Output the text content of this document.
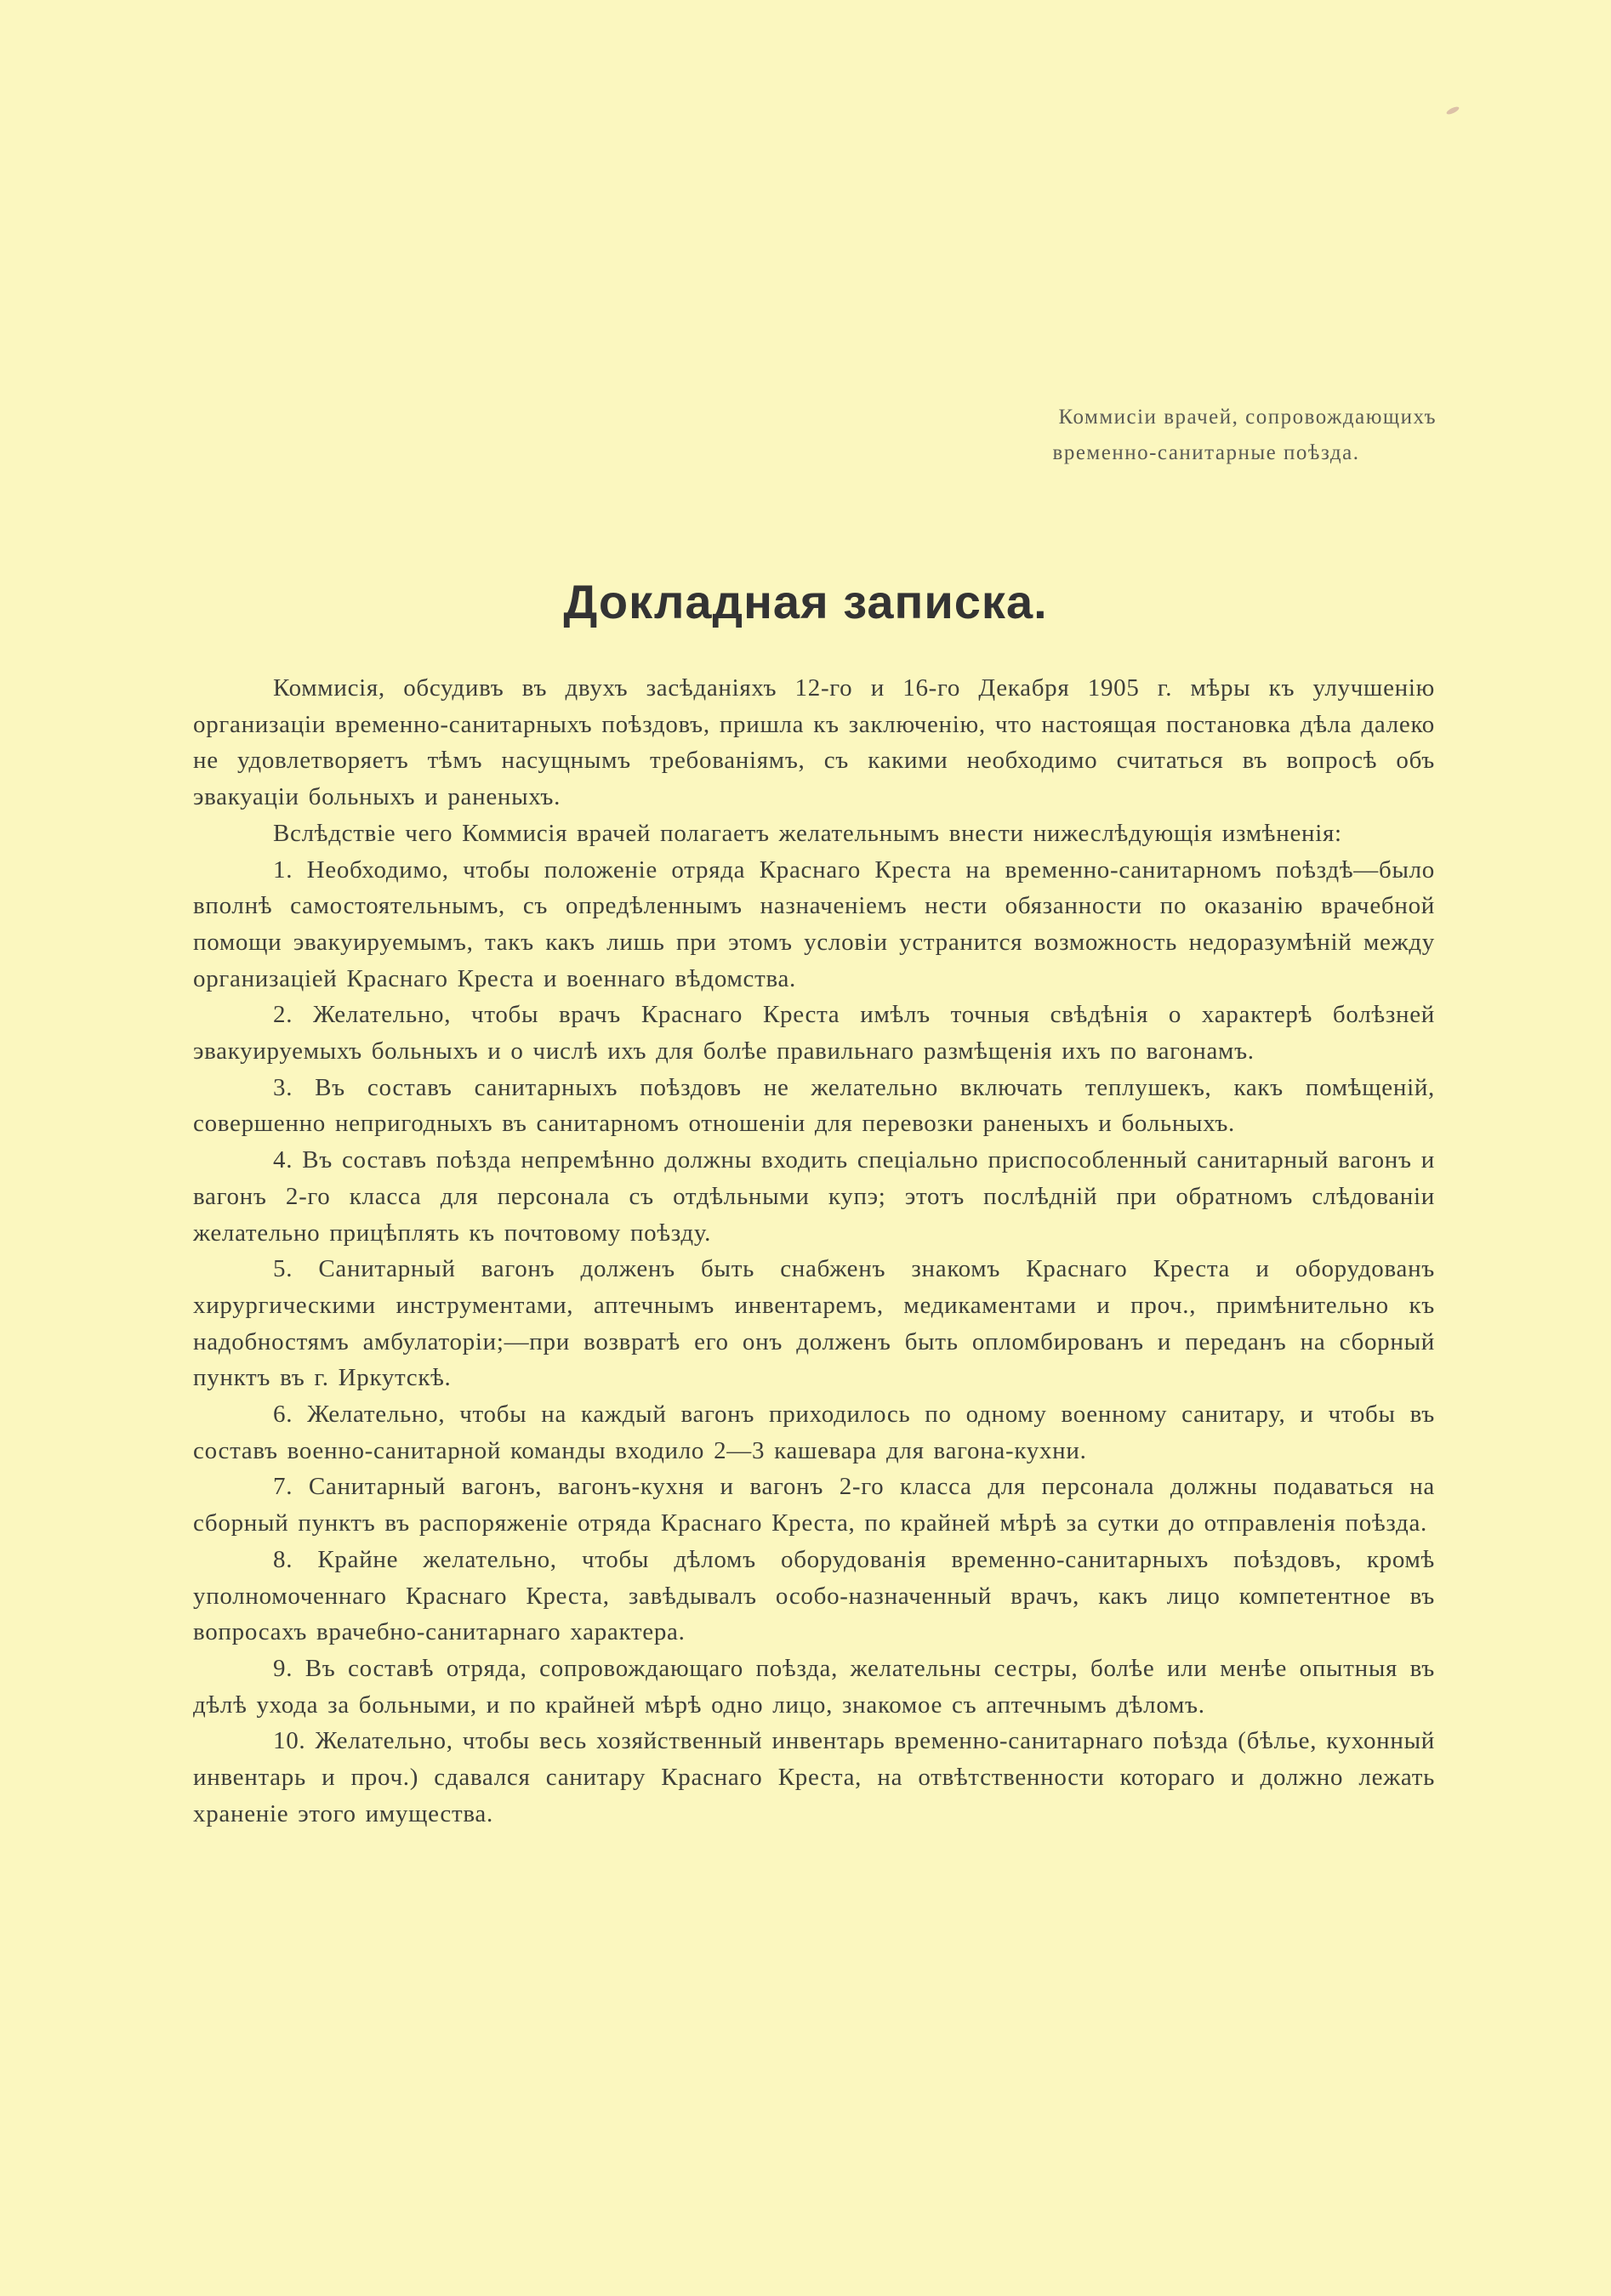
Коммисіи врачей, сопровождающихъ
временно-санитарные поѣзда.
Докладная записка.

Коммисія, обсудивъ въ двухъ засѣданіяхъ 12-го и 16-го Декабря 1905 г. мѣры къ улучшенію организаціи временно-санитарныхъ поѣздовъ, пришла къ заключенію, что настоящая постановка дѣла далеко не удовлетворяетъ тѣмъ насущнымъ требованіямъ, съ какими необходимо считаться въ вопросѣ объ эвакуаціи больныхъ и раненыхъ.

Вслѣдствіе чего Коммисія врачей полагаетъ желательнымъ внести нижеслѣдующія измѣненія:

1. Необходимо, чтобы положеніе отряда Краснаго Креста на временно-санитарномъ поѣздѣ—было вполнѣ самостоятельнымъ, съ опредѣленнымъ назначеніемъ нести обязанности по оказанію врачебной помощи эвакуируемымъ, такъ какъ лишь при этомъ условіи устранится возможность недоразумѣній между организаціей Краснаго Креста и военнаго вѣдомства.

2. Желательно, чтобы врачъ Краснаго Креста имѣлъ точныя свѣдѣнія о характерѣ болѣзней эвакуируемыхъ больныхъ и о числѣ ихъ для болѣе правильнаго размѣщенія ихъ по вагонамъ.

3. Въ составъ санитарныхъ поѣздовъ не желательно включать теплушекъ, какъ помѣщеній, совершенно непригодныхъ въ санитарномъ отношеніи для перевозки раненыхъ и больныхъ.

4. Въ составъ поѣзда непремѣнно должны входить спеціально приспособленный санитарный вагонъ и вагонъ 2-го класса для персонала съ отдѣльными купэ; этотъ послѣдній при обратномъ слѣдованіи желательно прицѣплять къ почтовому поѣзду.

5. Санитарный вагонъ долженъ быть снабженъ знакомъ Краснаго Креста и оборудованъ хирургическими инструментами, аптечнымъ инвентаремъ, медикаментами и проч., примѣнительно къ надобностямъ амбулаторіи;—при возвратѣ его онъ долженъ быть опломбированъ и переданъ на сборный пунктъ въ г. Иркутскѣ.

6. Желательно, чтобы на каждый вагонъ приходилось по одному военному санитару, и чтобы въ составъ военно-санитарной команды входило 2—3 кашевара для вагона-кухни.

7. Санитарный вагонъ, вагонъ-кухня и вагонъ 2-го класса для персонала должны подаваться на сборный пунктъ въ распоряженіе отряда Краснаго Креста, по крайней мѣрѣ за сутки до отправленія поѣзда.

8. Крайне желательно, чтобы дѣломъ оборудованія временно-санитарныхъ поѣздовъ, кромѣ уполномоченнаго Краснаго Креста, завѣдывалъ особо-назначенный врачъ, какъ лицо компетентное въ вопросахъ врачебно-санитарнаго характера.

9. Въ составѣ отряда, сопровождающаго поѣзда, желательны сестры, болѣе или менѣе опытныя въ дѣлѣ ухода за больными, и по крайней мѣрѣ одно лицо, знакомое съ аптечнымъ дѣломъ.

10. Желательно, чтобы весь хозяйственный инвентарь временно-санитарнаго поѣзда (бѣлье, кухонный инвентарь и проч.) сдавался санитару Краснаго Креста, на отвѣтственности котораго и должно лежать храненіе этого имущества.
